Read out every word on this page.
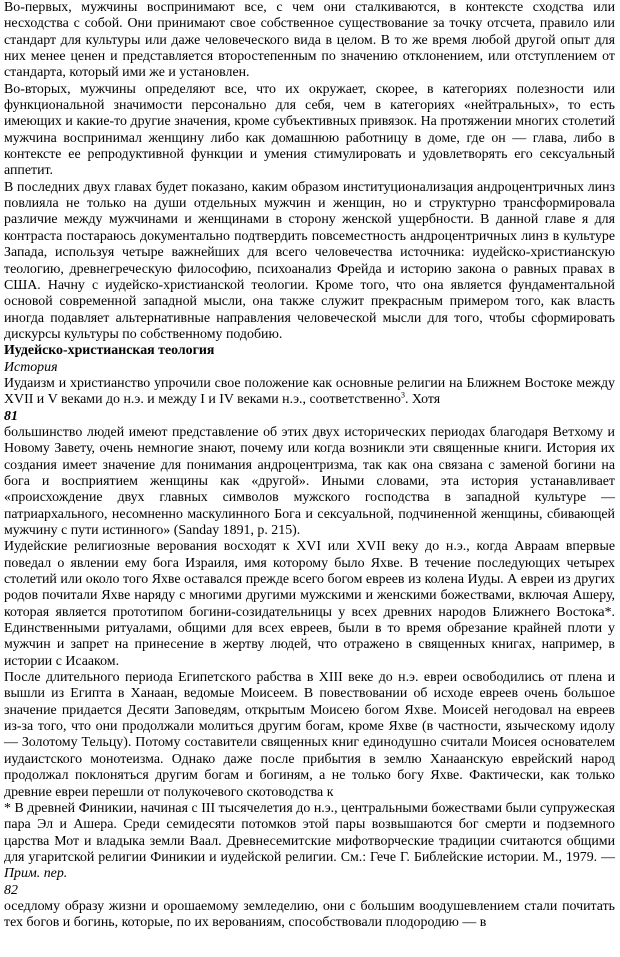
Во-первых, мужчины воспринимают все, с чем они сталкиваются, в контексте сходства или несходства с собой. Они принимают свое собственное существование за точку отсчета, правило или стандарт для культуры или даже человеческого вида в целом. В то же время любой другой опыт для них менее ценен и представляется второстепенным по значению отклонением, или отступлением от стандарта, который ими же и установлен.

Во-вторых, мужчины определяют все, что их окружает, скорее, в категориях полезности или функциональной значимости персонально для себя, чем в категориях «нейтральных», то есть имеющих и какие-то другие значения, кроме субъективных привязок. На протяжении многих столетий мужчина воспринимал женщину либо как домашнюю работницу в доме, где он — глава, либо в контексте ее репродуктивной функции и умения стимулировать и удовлетворять его сексуальный аппетит.

В последних двух главах будет показано, каким образом институционализация андроцентричных линз повлияла не только на души отдельных мужчин и женщин, но и структурно трансформировала различие между мужчинами и женщинами в сторону женской ущербности. В данной главе я для контраста постараюсь документально подтвердить повсеместность андроцентричных линз в культуре Запада, используя четыре важнейших для всего человечества источника: иудейско-христианскую теологию, древнегреческую философию, психоанализ Фрейда и историю закона о равных правах в США. Начну с иудейско-христианской теологии. Кроме того, что она является фундаментальной основой современной западной мысли, она также служит прекрасным примером того, как власть иногда подавляет альтернативные направления человеческой мысли для того, чтобы сформировать дискурсы культуры по собственному подобию.

Иудейско-христианская теология

История

Иудаизм и христианство упрочили свое положение как основные религии на Ближнем Востоке между XVII и V веками до н.э. и между I и IV веками н.э., соответственно$^3$. Хотя

81

большинство людей имеют представление об этих двух исторических периодах благодаря Ветхому и Новому Завету, очень немногие знают, почему или когда возникли эти священные книги. История их создания имеет значение для понимания андроцентризма, так как она связана с заменой богини на бога и восприятием женщины как «другой». Иными словами, эта история устанавливает «происхождение двух главных символов мужского господства в западной культуре — патриархального, несомненно маскулинного Бога и сексуальной, подчиненной женщины, сбивающей мужчину с пути истинного» (Sanday 1891, p. 215).

Иудейские религиозные верования восходят к XVI или XVII веку до н.э., когда Авраам впервые поведал о явлении ему бога Израиля, имя которому было Яхве. В течение последующих четырех столетий или около того Яхве оставался прежде всего богом евреев из колена Иуды. А евреи из других родов почитали Яхве наряду с многими другими мужскими и женскими божествами, включая Ашеру, которая является прототипом богини-созидательницы у всех древних народов Ближнего Востока*. Единственными ритуалами, общими для всех евреев, были в то время обрезание крайней плоти у мужчин и запрет на принесение в жертву людей, что отражено в священных книгах, например, в истории с Исааком.

После длительного периода Египетского рабства в XIII веке до н.э. евреи освободились от плена и вышли из Египта в Ханаан, ведомые Моисеем. В повествовании об исходе евреев очень большое значение придается Десяти Заповедям, открытым Моисею богом Яхве. Моисей негодовал на евреев из-за того, что они продолжали молиться другим богам, кроме Яхве (в частности, языческому идолу — Золотому Тельцу). Потому составители священных книг единодушно считали Моисея основателем иудаистского монотеизма. Однако даже после прибытия в землю Ханаанскую еврейский народ продолжал поклоняться другим богам и богиням, а не только богу Яхве. Фактически, как только древние евреи перешли от полукочевого скотоводства к

* В древней Финикии, начиная с III тысячелетия до н.э., центральными божествами были супружеская пара Эл и Ашера. Среди семидесяти потомков этой пары возвышаются бог смерти и подземного царства Мот и владыка земли Ваал. Древнесемитские мифотворческие традиции считаются общими для угаритской религии Финикии и иудейской религии. См.: Гече Г. Библейские истории. М., 1979. — Прим. пер.

82

оседлому образу жизни и орошаемому земледелию, они с большим воодушевлением стали почитать тех богов и богинь, которые, по их верованиям, способствовали плодородию — в
